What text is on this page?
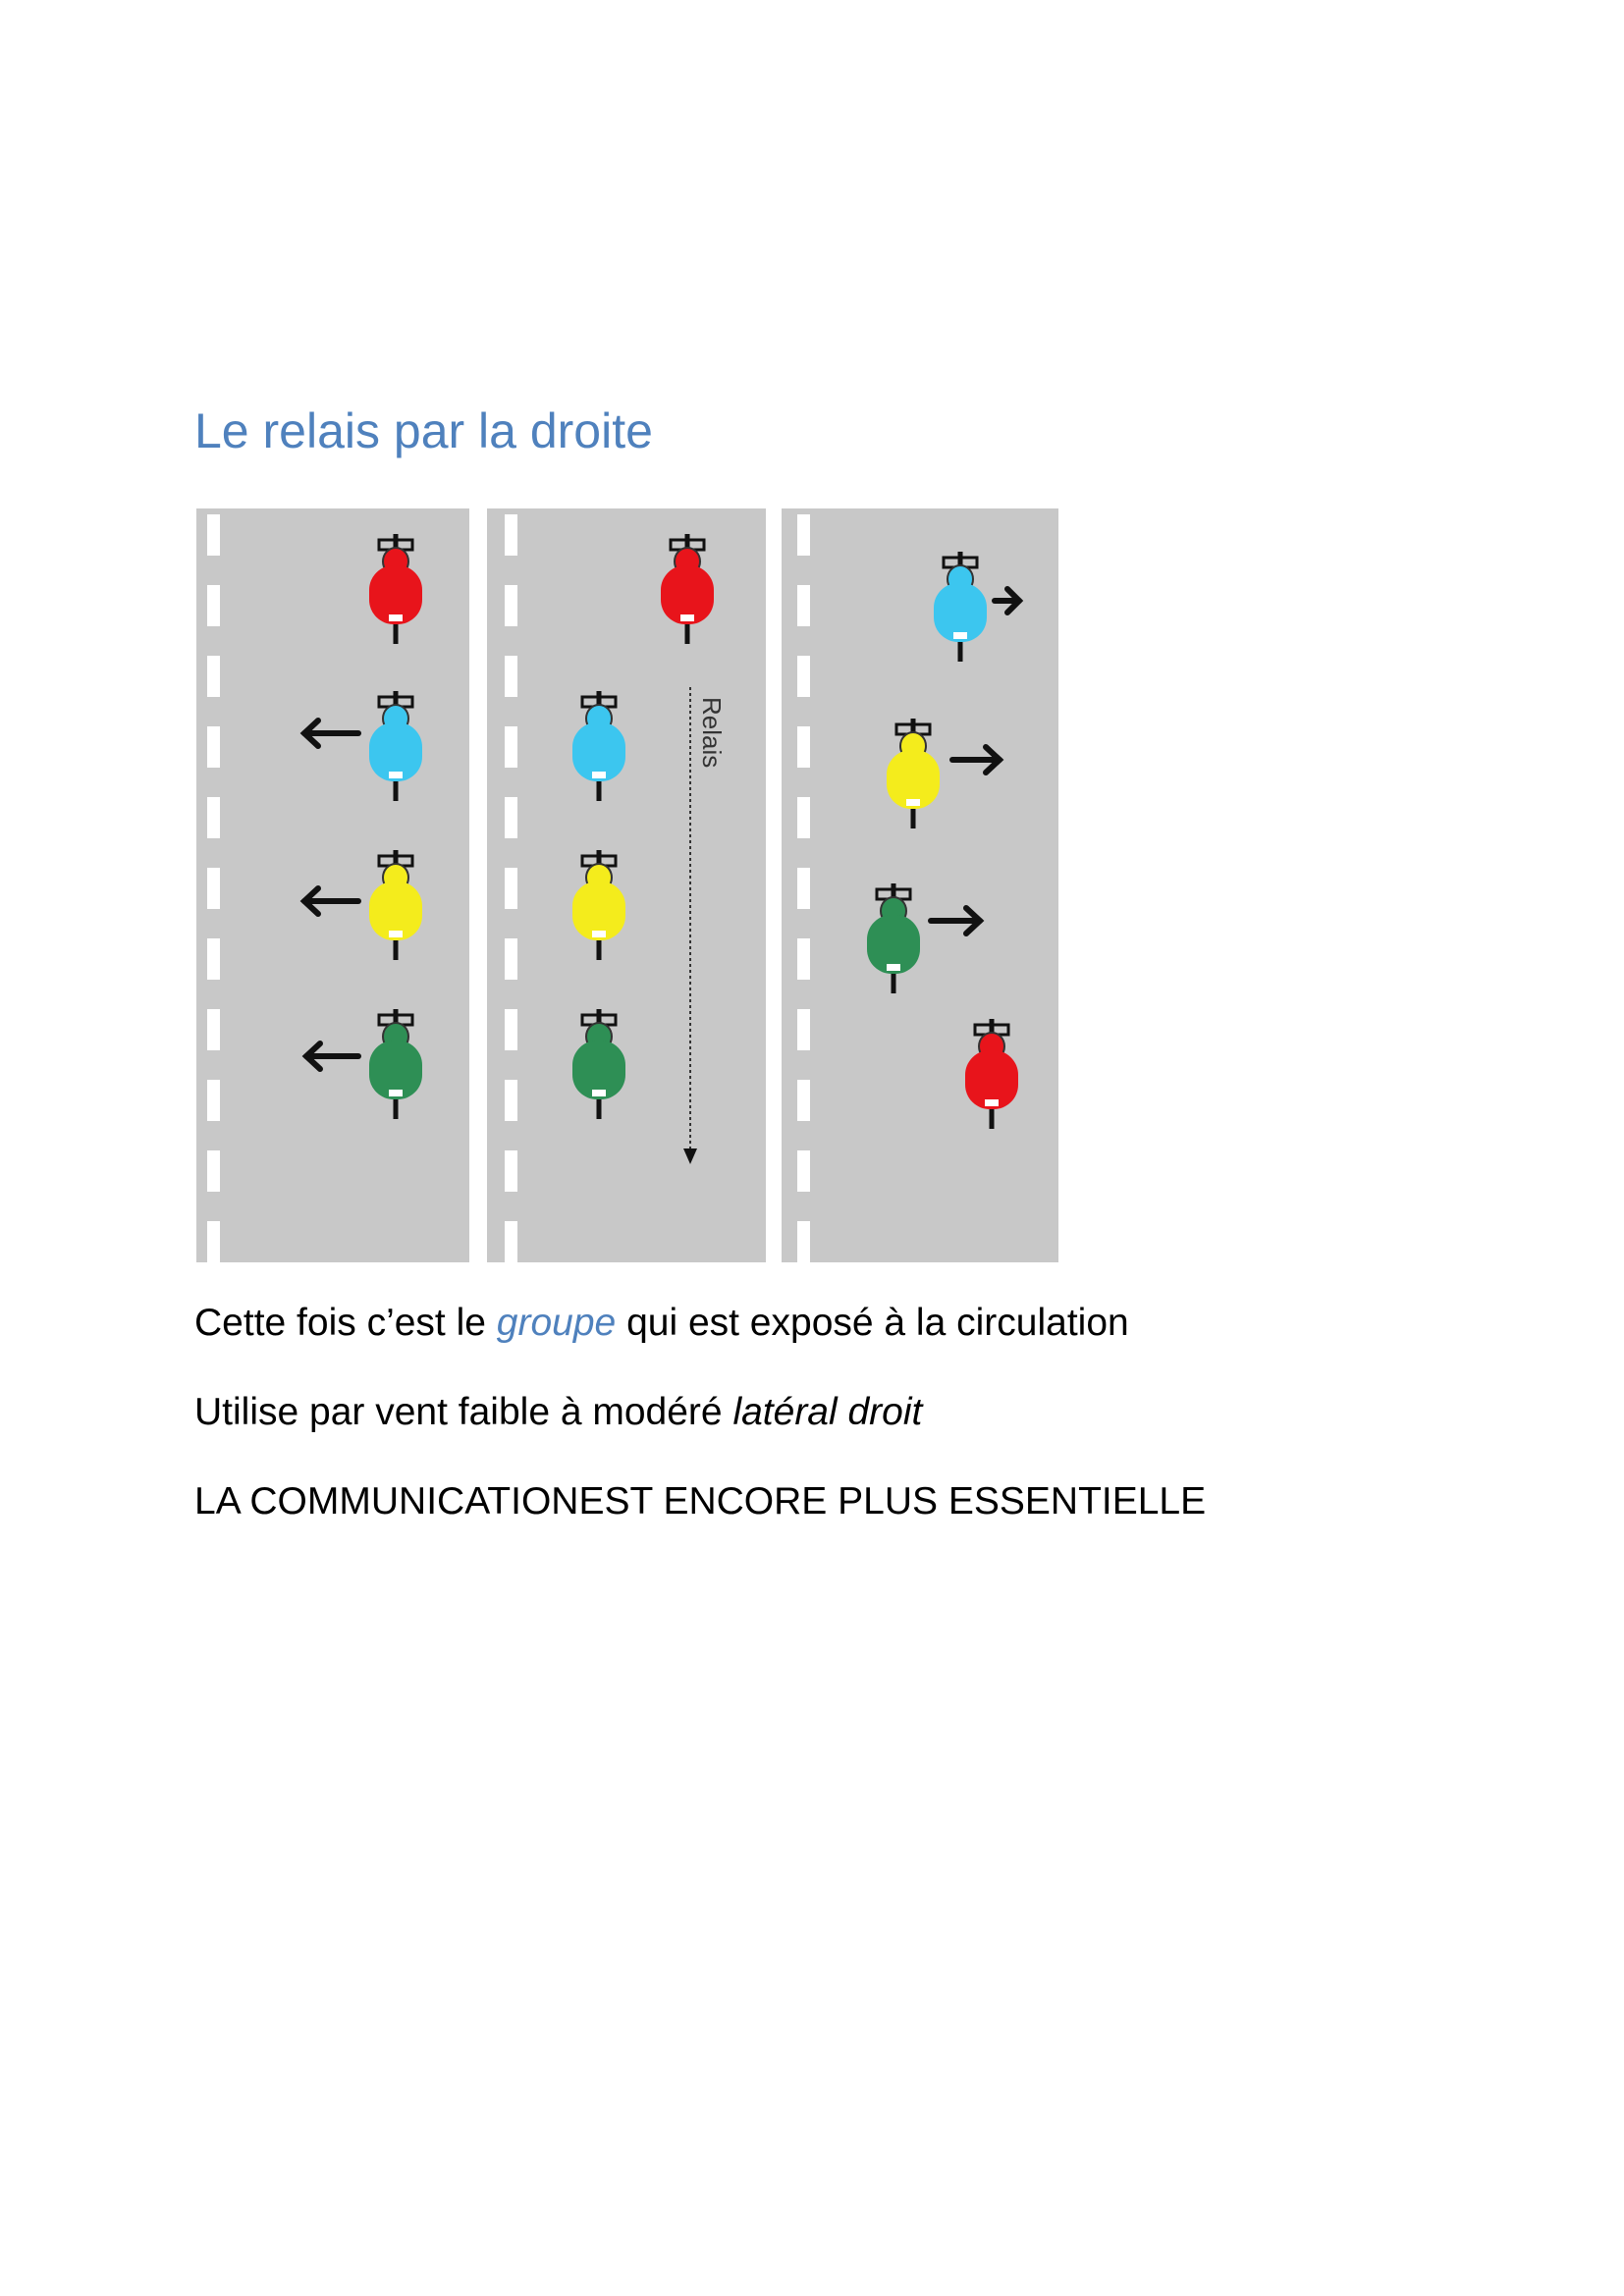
Le relais par la droite
Relais

Cette fois c’est le groupe qui est exposé à la circulation

Utilise par vent faible à modéré latéral droit

LA COMMUNICATIONEST ENCORE PLUS ESSENTIELLE
